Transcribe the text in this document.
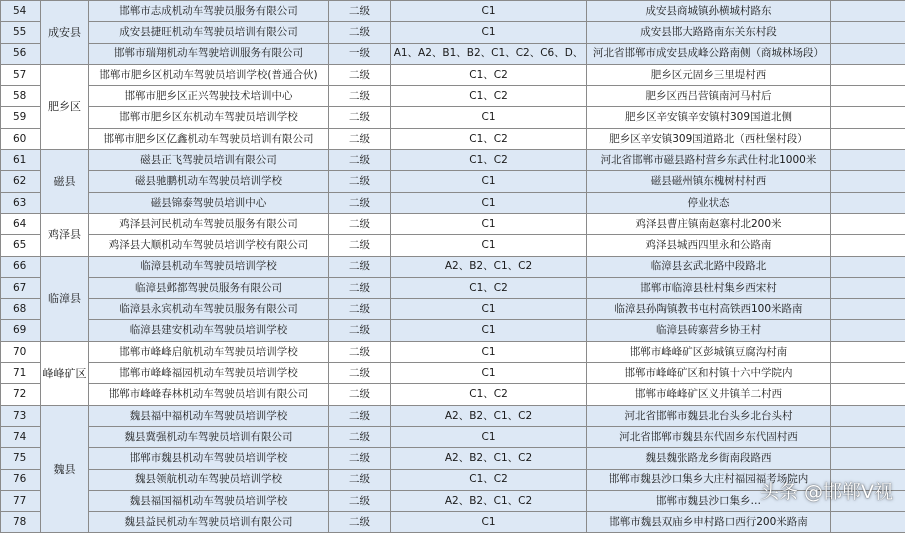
54	成安县	邯郸市志成机动车驾驶员服务有限公司	二级	C1	成安县商城镇孙横城村路东	
55		成安县捷旺机动车驾驶员培训有限公司	二级	C1	成安县邯大路路南东关东村段	
56		邯郸市瑞翔机动车驾驶培训服务有限公司	一级	A1、A2、B1、B2、C1、C2、C6、D、	河北省邯郸市成安县成峰公路南侧（商城林场段）	
57	肥乡区	邯郸市肥乡区机动车驾驶员培训学校(普通合伙)	二级	C1、C2	肥乡区元固乡三里堤村西	
58		邯郸市肥乡区正兴驾驶技术培训中心	二级	C1、C2	肥乡区西吕营镇南河马村后	
59		邯郸市肥乡区东机动车驾驶员培训学校	二级	C1	肥乡区辛安镇辛安镇村309国道北侧	
60		邯郸市肥乡区亿鑫机动车驾驶员培训有限公司	二级	C1、C2	肥乡区辛安镇309国道路北（西杜堡村段）	
61	磁县	磁县正飞驾驶员培训有限公司	二级	C1、C2	河北省邯郸市磁县路村营乡东武仕村北1000米	
62		磁县驰鹏机动车驾驶员培训学校	二级	C1	磁县磁州镇东槐树村村西	
63		磁县锦泰驾驶员培训中心	二级	C1	停业状态	
64	鸡泽县	鸡泽县河民机动车驾驶员服务有限公司	二级	C1	鸡泽县曹庄镇南赵寨村北200米	
65		鸡泽县大顺机动车驾驶员培训学校有限公司	二级	C1	鸡泽县城西四里永和公路南	
66	临漳县	临漳县机动车驾驶员培训学校	二级	A2、B2、C1、C2	临漳县玄武北路中段路北	
67		临漳县邺都驾驶员服务有限公司	二级	C1、C2	邯郸市临漳县杜村集乡西宋村	
68		临漳县永宾机动车驾驶员服务有限公司	二级	C1	临漳县孙陶镇教书屯村高铁西100米路南	
69		临漳县建安机动车驾驶员培训学校	二级	C1	临漳县砖寨营乡协王村	
70	峰峰矿区	邯郸市峰峰启航机动车驾驶员培训学校	二级	C1	邯郸市峰峰矿区彭城镇豆腐沟村南	
71		邯郸市峰峰福园机动车驾驶员培训学校	二级	C1	邯郸市峰峰矿区和村镇十六中学院内	
72		邯郸市峰峰春林机动车驾驶员培训有限公司	二级	C1、C2	邯郸市峰峰矿区义井镇羊二村西	
73	魏县	魏县福中福机动车驾驶员培训学校	二级	A2、B2、C1、C2	河北省邯郸市魏县北台头乡北台头村	
74		魏县冀强机动车驾驶员培训有限公司	二级	C1	河北省邯郸市魏县东代固乡东代固村西	
75		邯郸市魏县机动车驾驶员培训学校	二级	A2、B2、C1、C2	魏县魏张路龙乡街南段路西	
76		魏县领航机动车驾驶员培训学校	二级	C1、C2	邯郸市魏县沙口集乡大庄村福园福考场院内	
77		魏县福国福机动车驾驶员培训学校	二级	A2、B2、C1、C2	邯郸市魏县沙口集乡…	
78		魏县益民机动车驾驶员培训有限公司	二级	C1	邯郸市魏县双庙乡申村路口西行200米路南	
头条 @邯郸V视
